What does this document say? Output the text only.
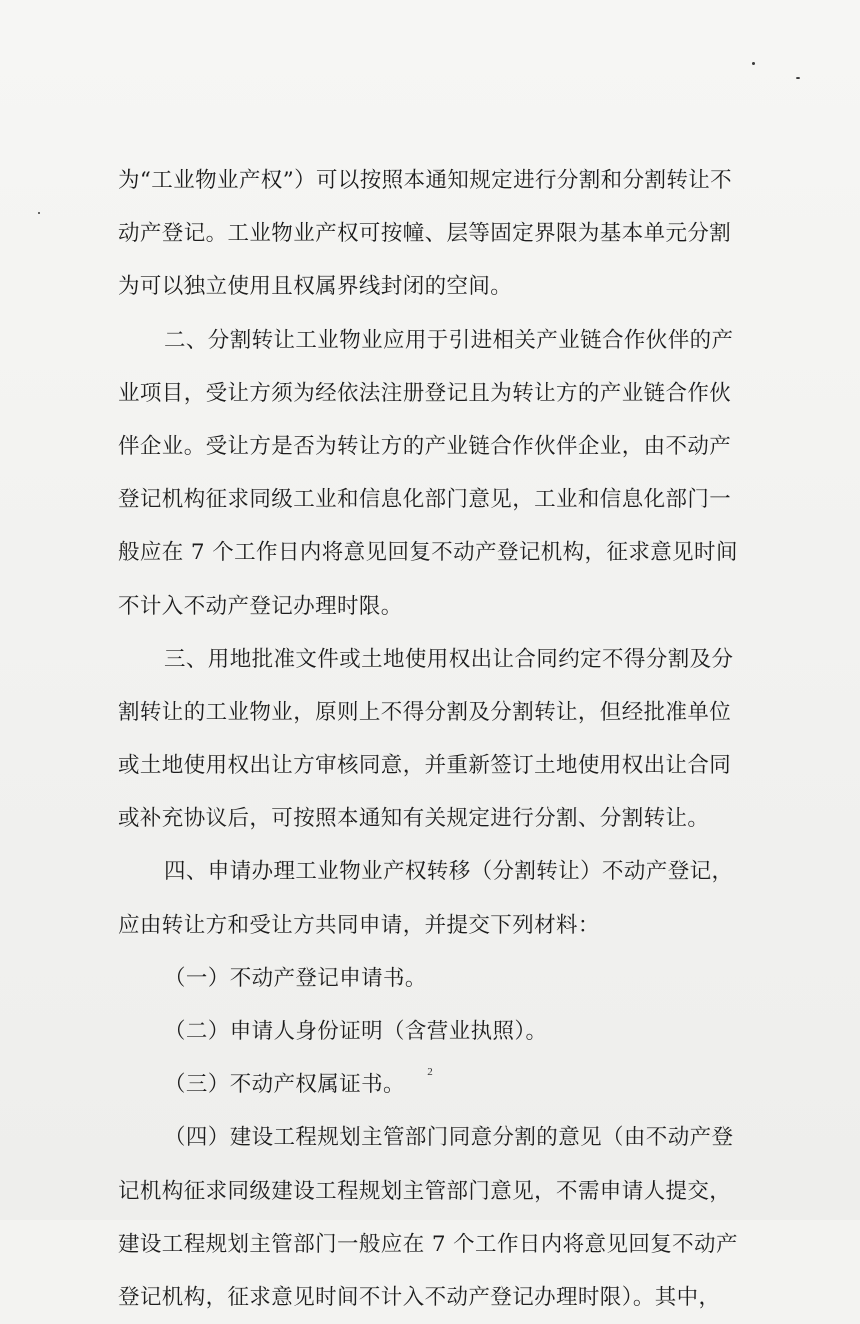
为“工业物业产权”）可以按照本通知规定进行分割和分割转让不
动产登记。工业物业产权可按幢、层等固定界限为基本单元分割
为可以独立使用且权属界线封闭的空间。
二、分割转让工业物业应用于引进相关产业链合作伙伴的产
业项目，受让方须为经依法注册登记且为转让方的产业链合作伙
伴企业。受让方是否为转让方的产业链合作伙伴企业，由不动产
登记机构征求同级工业和信息化部门意见，工业和信息化部门一
般应在 7 个工作日内将意见回复不动产登记机构，征求意见时间
不计入不动产登记办理时限。
三、用地批准文件或土地使用权出让合同约定不得分割及分
割转让的工业物业，原则上不得分割及分割转让，但经批准单位
或土地使用权出让方审核同意，并重新签订土地使用权出让合同
或补充协议后，可按照本通知有关规定进行分割、分割转让。
四、申请办理工业物业产权转移（分割转让）不动产登记，
应由转让方和受让方共同申请，并提交下列材料：
（一）不动产登记申请书。
（二）申请人身份证明（含营业执照）。
（三）不动产权属证书。
（四）建设工程规划主管部门同意分割的意见（由不动产登
记机构征求同级建设工程规划主管部门意见，不需申请人提交，
建设工程规划主管部门一般应在 7 个工作日内将意见回复不动产
登记机构，征求意见时间不计入不动产登记办理时限）。其中，
2
